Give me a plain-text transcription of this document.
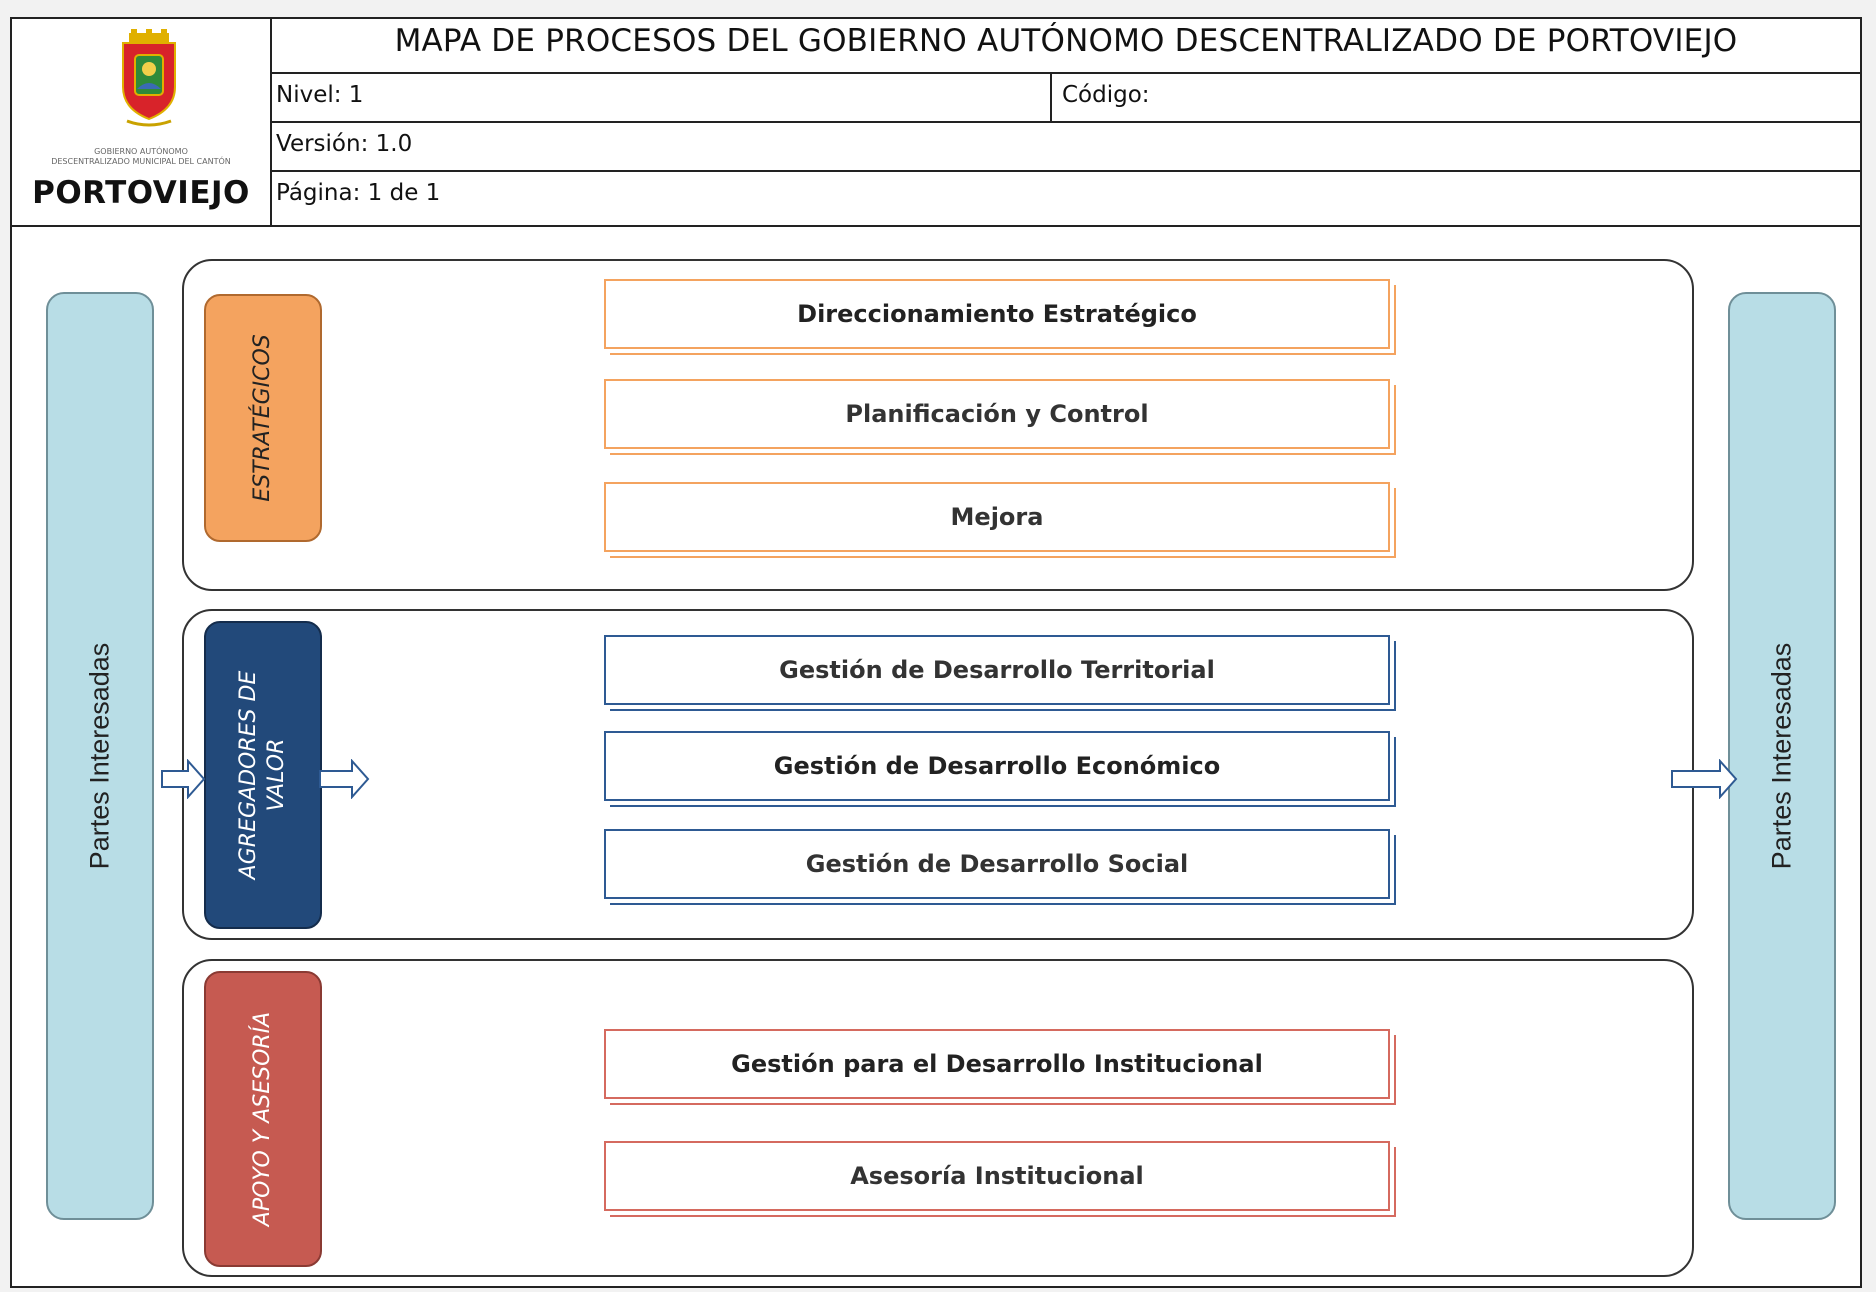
GOBIERNO AUTÓNOMO
DESCENTRALIZADO MUNICIPAL DEL CANTÓN
PORTOVIEJO
MAPA DE PROCESOS DEL GOBIERNO AUTÓNOMO DESCENTRALIZADO DE PORTOVIEJO
Nivel: 1	Código:
Versión: 1.0
Página: 1 de 1
Partes Interesadas	Partes Interesadas
ESTRATÉGICOS
Direccionamiento Estratégico
Planificación y Control
Mejora
AGREGADORES DE VALOR
Gestión de Desarrollo Territorial
Gestión de Desarrollo Económico
Gestión de Desarrollo Social
APOYO Y ASESORÍA	Gestión para el Desarrollo Institucional
Asesoría Institucional
